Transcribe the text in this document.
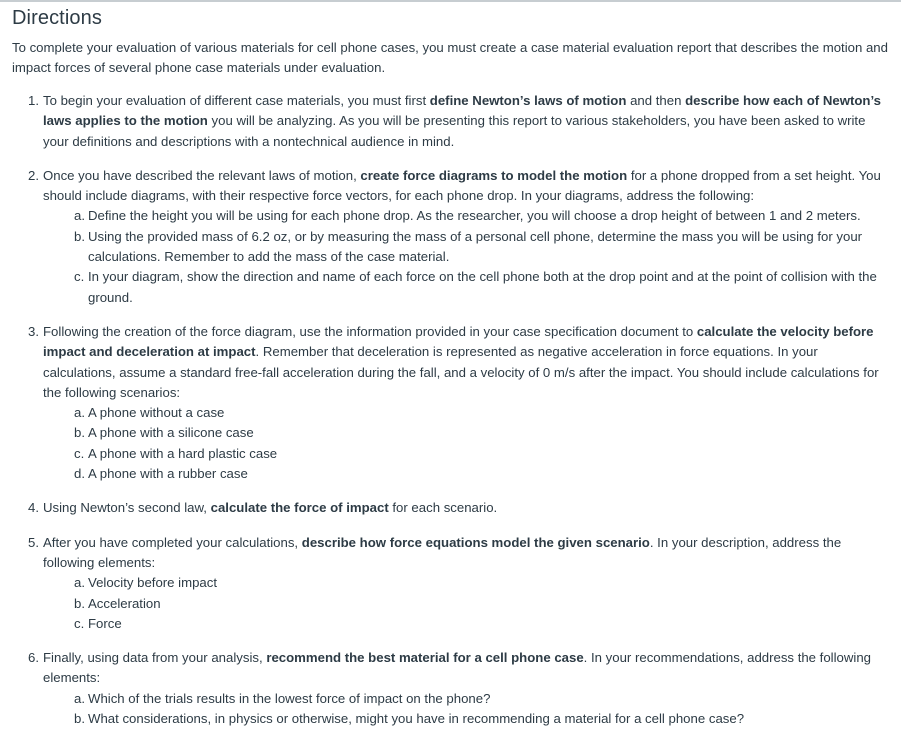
Directions

To complete your evaluation of various materials for cell phone cases, you must create a case material evaluation report that describes the motion and impact forces of several phone case materials under evaluation.

1. To begin your evaluation of different case materials, you must first define Newton’s laws of motion and then describe how each of Newton’s laws applies to the motion you will be analyzing. As you will be presenting this report to various stakeholders, you have been asked to write your definitions and descriptions with a nontechnical audience in mind.
2. Once you have described the relevant laws of motion, create force diagrams to model the motion for a phone dropped from a set height. You should include diagrams, with their respective force vectors, for each phone drop. In your diagrams, address the following:
a. Define the height you will be using for each phone drop. As the researcher, you will choose a drop height of between 1 and 2 meters.
b. Using the provided mass of 6.2 oz, or by measuring the mass of a personal cell phone, determine the mass you will be using for your calculations. Remember to add the mass of the case material.
c. In your diagram, show the direction and name of each force on the cell phone both at the drop point and at the point of collision with the ground.
3. Following the creation of the force diagram, use the information provided in your case specification document to calculate the velocity before impact and deceleration at impact. Remember that deceleration is represented as negative acceleration in force equations. In your calculations, assume a standard free-fall acceleration during the fall, and a velocity of 0 m/s after the impact. You should include calculations for the following scenarios:
a. A phone without a case
b. A phone with a silicone case
c. A phone with a hard plastic case
d. A phone with a rubber case
4. Using Newton’s second law, calculate the force of impact for each scenario.
5. After you have completed your calculations, describe how force equations model the given scenario. In your description, address the following elements:
a. Velocity before impact
b. Acceleration
c. Force
6. Finally, using data from your analysis, recommend the best material for a cell phone case. In your recommendations, address the following elements:
a. Which of the trials results in the lowest force of impact on the phone?
b. What considerations, in physics or otherwise, might you have in recommending a material for a cell phone case?
